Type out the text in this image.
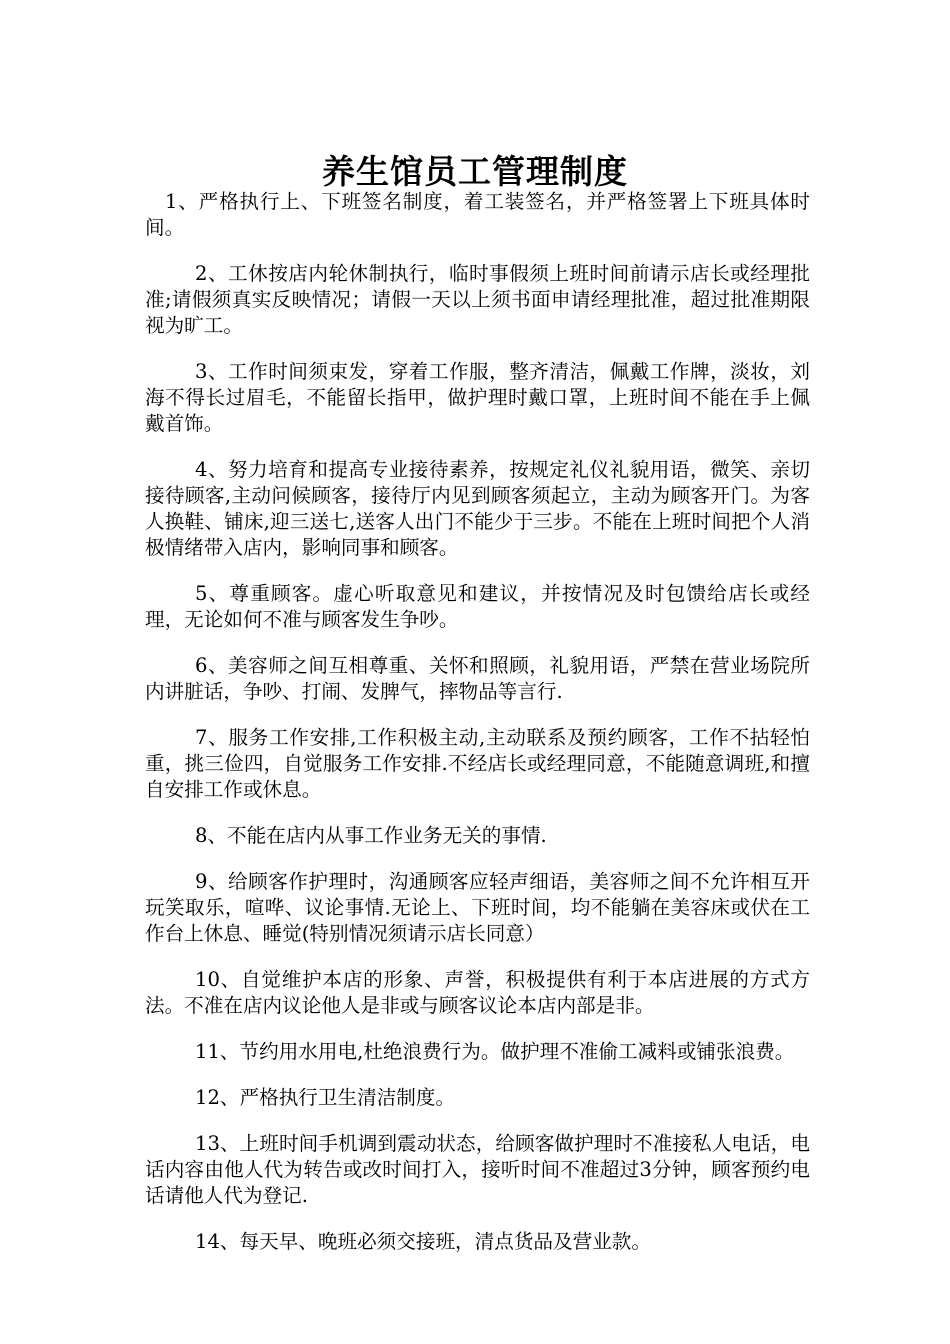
养生馆员工管理制度

1、严格执行上、下班签名制度，着工装签名，并严格签署上下班具体时间。

2、工休按店内轮休制执行，临时事假须上班时间前请示店长或经理批准;请假须真实反映情况；请假一天以上须书面申请经理批准，超过批准期限视为旷工。

3、工作时间须束发，穿着工作服，整齐清洁，佩戴工作牌，淡妆，刘海不得长过眉毛，不能留长指甲，做护理时戴口罩，上班时间不能在手上佩戴首饰。

4、努力培育和提高专业接待素养，按规定礼仪礼貌用语，微笑、亲切接待顾客,主动问候顾客，接待厅内见到顾客须起立，主动为顾客开门。为客人换鞋、铺床,迎三送七,送客人出门不能少于三步。不能在上班时间把个人消极情绪带入店内，影响同事和顾客。

5、尊重顾客。虚心听取意见和建议，并按情况及时包馈给店长或经理，无论如何不准与顾客发生争吵。

6、美容师之间互相尊重、关怀和照顾，礼貌用语，严禁在营业场院所内讲脏话，争吵、打闹、发脾气，摔物品等言行.

7、服务工作安排,工作积极主动,主动联系及预约顾客，工作不拈轻怕重，挑三俭四，自觉服务工作安排.不经店长或经理同意，不能随意调班,和擅自安排工作或休息。

8、不能在店内从事工作业务无关的事情.

9、给顾客作护理时，沟通顾客应轻声细语，美容师之间不允许相互开玩笑取乐，喧哗、议论事情.无论上、下班时间，均不能躺在美容床或伏在工作台上休息、睡觉(特别情况须请示店长同意）

10、自觉维护本店的形象、声誉，积极提供有利于本店进展的方式方法。不准在店内议论他人是非或与顾客议论本店内部是非。

11、节约用水用电,杜绝浪费行为。做护理不准偷工减料或铺张浪费。

12、严格执行卫生清洁制度。

13、上班时间手机调到震动状态，给顾客做护理时不准接私人电话，电话内容由他人代为转告或改时间打入，接听时间不准超过3分钟，顾客预约电话请他人代为登记.

14、每天早、晚班必须交接班，清点货品及营业款。
